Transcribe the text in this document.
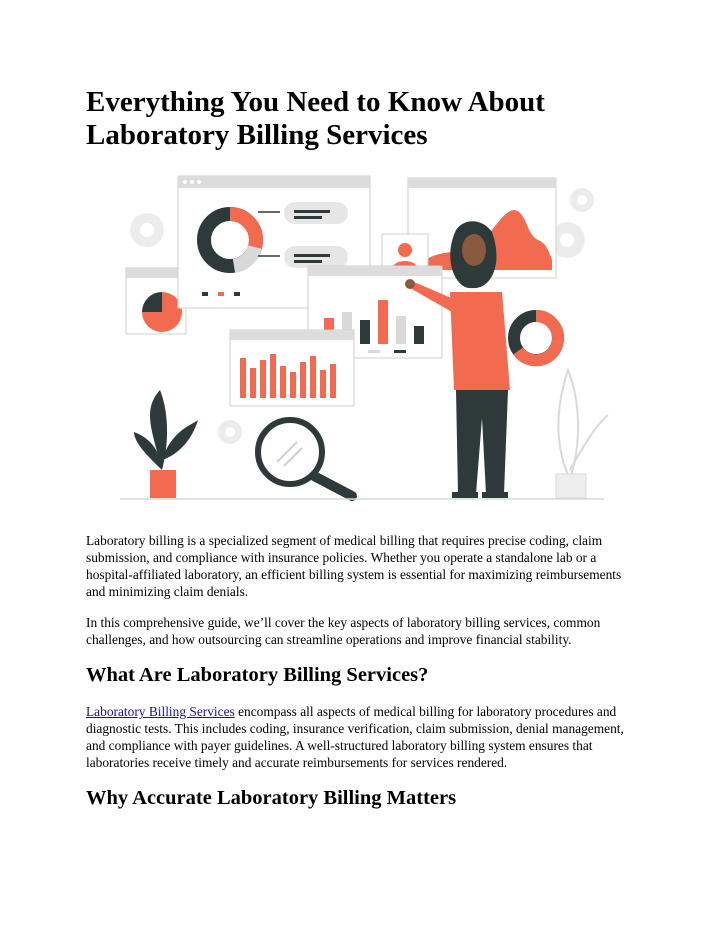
Everything You Need to Know About Laboratory Billing Services

Laboratory billing is a specialized segment of medical billing that requires precise coding, claim submission, and compliance with insurance policies. Whether you operate a standalone lab or a hospital-affiliated laboratory, an efficient billing system is essential for maximizing reimbursements and minimizing claim denials.

In this comprehensive guide, we’ll cover the key aspects of laboratory billing services, common challenges, and how outsourcing can streamline operations and improve financial stability.

What Are Laboratory Billing Services?

Laboratory Billing Services encompass all aspects of medical billing for laboratory procedures and diagnostic tests. This includes coding, insurance verification, claim submission, denial management, and compliance with payer guidelines. A well-structured laboratory billing system ensures that laboratories receive timely and accurate reimbursements for services rendered.

Why Accurate Laboratory Billing Matters
